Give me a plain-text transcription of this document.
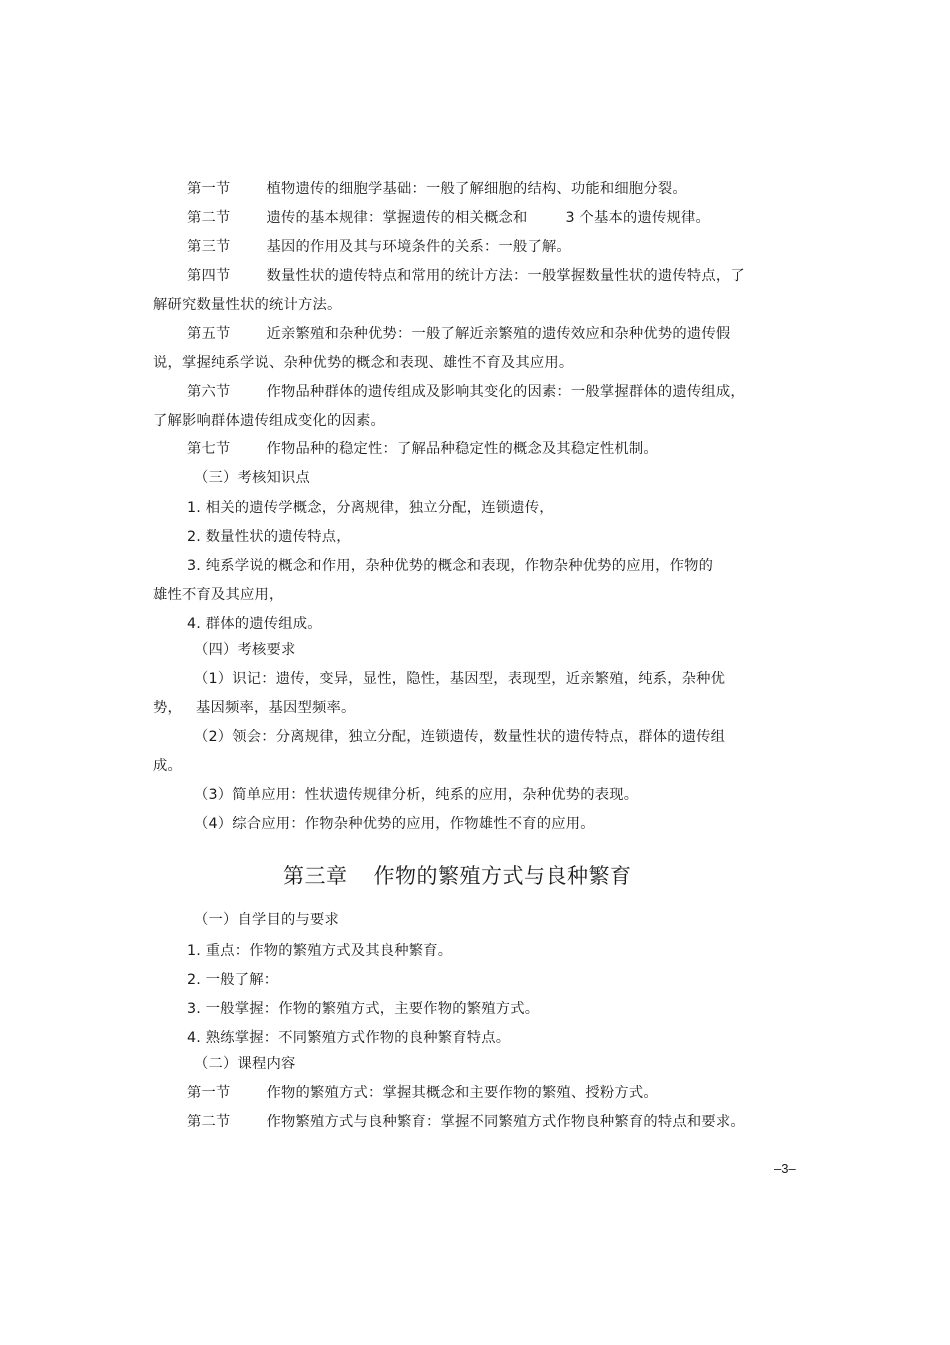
第一节	植物遗传的细胞学基础：一般了解细胞的结构、功能和细胞分裂。
第二节	遗传的基本规律：掌握遗传的相关概念和	3 个基本的遗传规律。
第三节	基因的作用及其与环境条件的关系：一般了解。
第四节	数量性状的遗传特点和常用的统计方法：一般掌握数量性状的遗传特点，了
解研究数量性状的统计方法。
第五节	近亲繁殖和杂种优势：一般了解近亲繁殖的遗传效应和杂种优势的遗传假
说，掌握纯系学说、杂种优势的概念和表现、雄性不育及其应用。
第六节	作物品种群体的遗传组成及影响其变化的因素：一般掌握群体的遗传组成，
了解影响群体遗传组成变化的因素。
第七节	作物品种的稳定性：了解品种稳定性的概念及其稳定性机制。
（三）考核知识点
1. 相关的遗传学概念，分离规律，独立分配，连锁遗传，
2. 数量性状的遗传特点，
3. 纯系学说的概念和作用，杂种优势的概念和表现，作物杂种优势的应用，作物的
雄性不育及其应用，
4. 群体的遗传组成。
（四）考核要求
（1）识记：遗传，变异，显性，隐性，基因型，表现型，近亲繁殖，纯系，杂种优
势， 基因频率，基因型频率。
（2）领会：分离规律，独立分配，连锁遗传，数量性状的遗传特点，群体的遗传组
成。
（3）简单应用：性状遗传规律分析，纯系的应用，杂种优势的表现。
（4）综合应用：作物杂种优势的应用，作物雄性不育的应用。
第三章 作物的繁殖方式与良种繁育
（一）自学目的与要求
1. 重点：作物的繁殖方式及其良种繁育。
2. 一般了解：
3. 一般掌握：作物的繁殖方式，主要作物的繁殖方式。
4. 熟练掌握：不同繁殖方式作物的良种繁育特点。
（二）课程内容
第一节	作物的繁殖方式：掌握其概念和主要作物的繁殖、授粉方式。
第二节	作物繁殖方式与良种繁育：掌握不同繁殖方式作物良种繁育的特点和要求。
–3–
